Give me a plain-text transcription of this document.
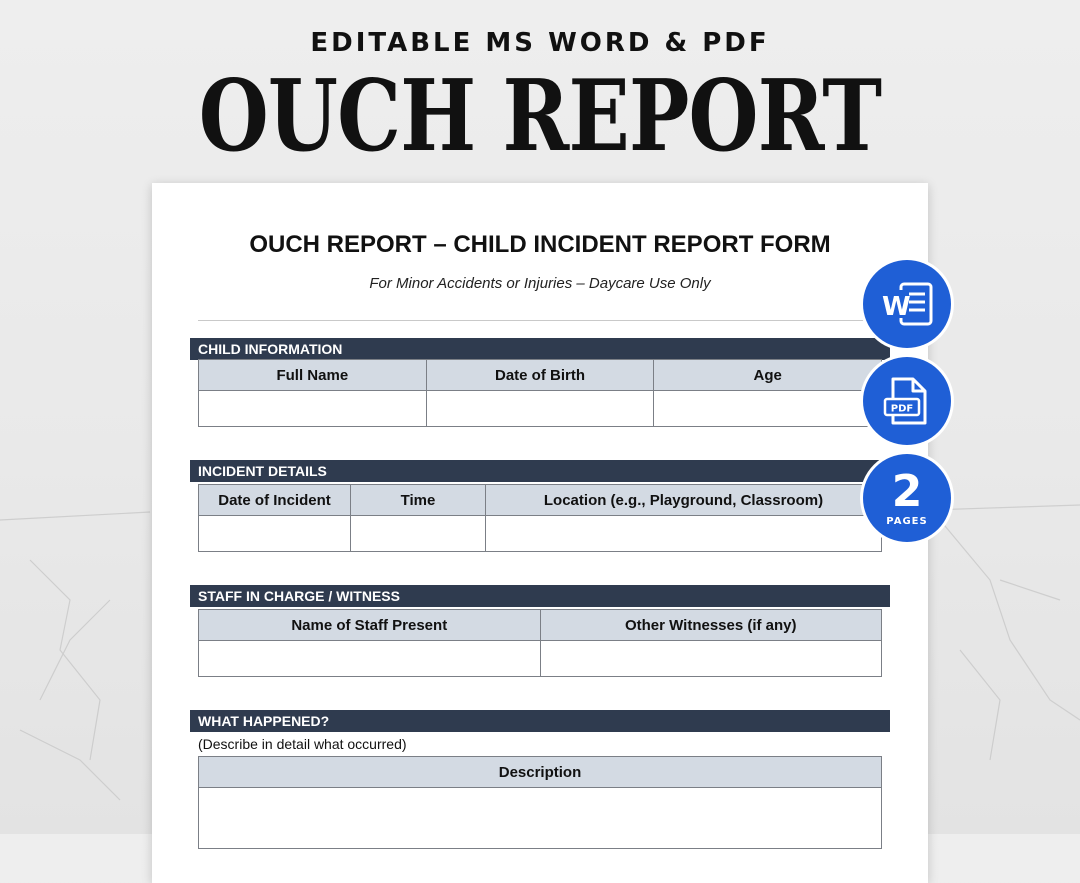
EDITABLE MS WORD & PDF
OUCH REPORT
OUCH REPORT – CHILD INCIDENT REPORT FORM
For Minor Accidents or Injuries – Daycare Use Only
CHILD INFORMATION
Full Name	Date of Birth	Age

INCIDENT DETAILS
Date of Incident	Time	Location (e.g., Playground, Classroom)

STAFF IN CHARGE / WITNESS
Name of Staff Present	Other Witnesses (if any)

WHAT HAPPENED?
(Describe in detail what occurred)
Description

W
PDF
2
PAGES
